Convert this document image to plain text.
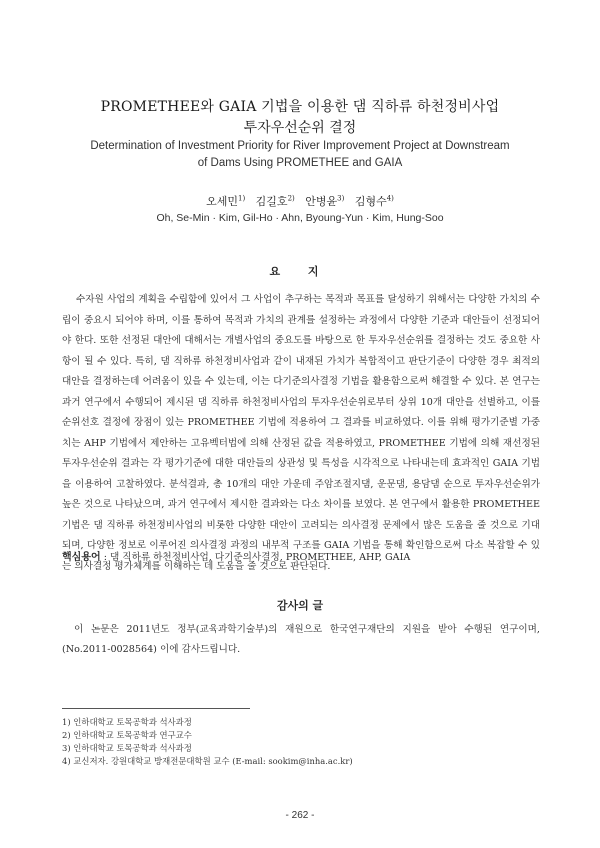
PROMETHEE와 GAIA 기법을 이용한 댐 직하류 하천정비사업
투자우선순위 결정
Determination of Investment Priority for River Improvement Project at Downstream
of Dams Using PROMETHEE and GAIA
오세민$^{1)}$ 김길호$^{2)}$ 안병윤$^{3)}$ 김형수$^{4)}$
Oh, Se-Min · Kim, Gil-Ho · Ahn, Byoung-Yun · Kim, Hung-Soo
요 지

수자원 사업의 계획을 수립함에 있어서 그 사업이 추구하는 목적과 목표를 달성하기 위해서는 다양한 가치의 수립이 중요시 되어야 하며, 이를 통하여 목적과 가치의 관계를 설정하는 과정에서 다양한 기준과 대안들이 선정되어야 한다. 또한 선정된 대안에 대해서는 개별사업의 중요도를 바탕으로 한 투자우선순위를 결정하는 것도 중요한 사항이 될 수 있다. 특히, 댐 직하류 하천정비사업과 같이 내재된 가치가 복합적이고 판단기준이 다양한 경우 최적의 대안을 결정하는데 어려움이 있을 수 있는데, 이는 다기준의사결정 기법을 활용함으로써 해결할 수 있다. 본 연구는 과거 연구에서 수행되어 제시된 댐 직하류 하천정비사업의 투자우선순위로부터 상위 10개 대안을 선별하고, 이를 순위선호 결정에 장점이 있는 PROMETHEE 기법에 적용하여 그 결과를 비교하였다. 이를 위해 평가기준별 가중치는 AHP 기법에서 제안하는 고유벡터법에 의해 산정된 값을 적용하였고, PROMETHEE 기법에 의해 재선정된 투자우선순위 결과는 각 평가기준에 대한 대안들의 상관성 및 특성을 시각적으로 나타내는데 효과적인 GAIA 기법을 이용하여 고찰하였다. 분석결과, 총 10개의 대안 가운데 주암조절지댐, 운문댐, 용담댐 순으로 투자우선순위가 높은 것으로 나타났으며, 과거 연구에서 제시한 결과와는 다소 차이를 보였다. 본 연구에서 활용한 PROMETHEE 기법은 댐 직하류 하천정비사업의 비롯한 다양한 대안이 고려되는 의사결정 문제에서 많은 도움을 줄 것으로 기대되며, 다양한 정보로 이루어진 의사결정 과정의 내부적 구조를 GAIA 기법을 통해 확인함으로써 다소 복잡할 수 있는 의사결정 평가체계를 이해하는 데 도움을 줄 것으로 판단된다.

핵심용어 : 댐 직하류 하천정비사업, 다기준의사결정, PROMETHEE, AHP, GAIA
감사의 글

이 논문은 2011년도 정부(교육과학기술부)의 재원으로 한국연구재단의 지원을 받아 수행된 연구이며, (No.2011-0028564) 이에 감사드립니다.

1) 인하대학교 토목공학과 석사과정
2) 인하대학교 토목공학과 연구교수
3) 인하대학교 토목공학과 석사과정
4) 교신저자. 강원대학교 방재전문대학원 교수 (E-mail: sookim@inha.ac.kr)
- 262 -
